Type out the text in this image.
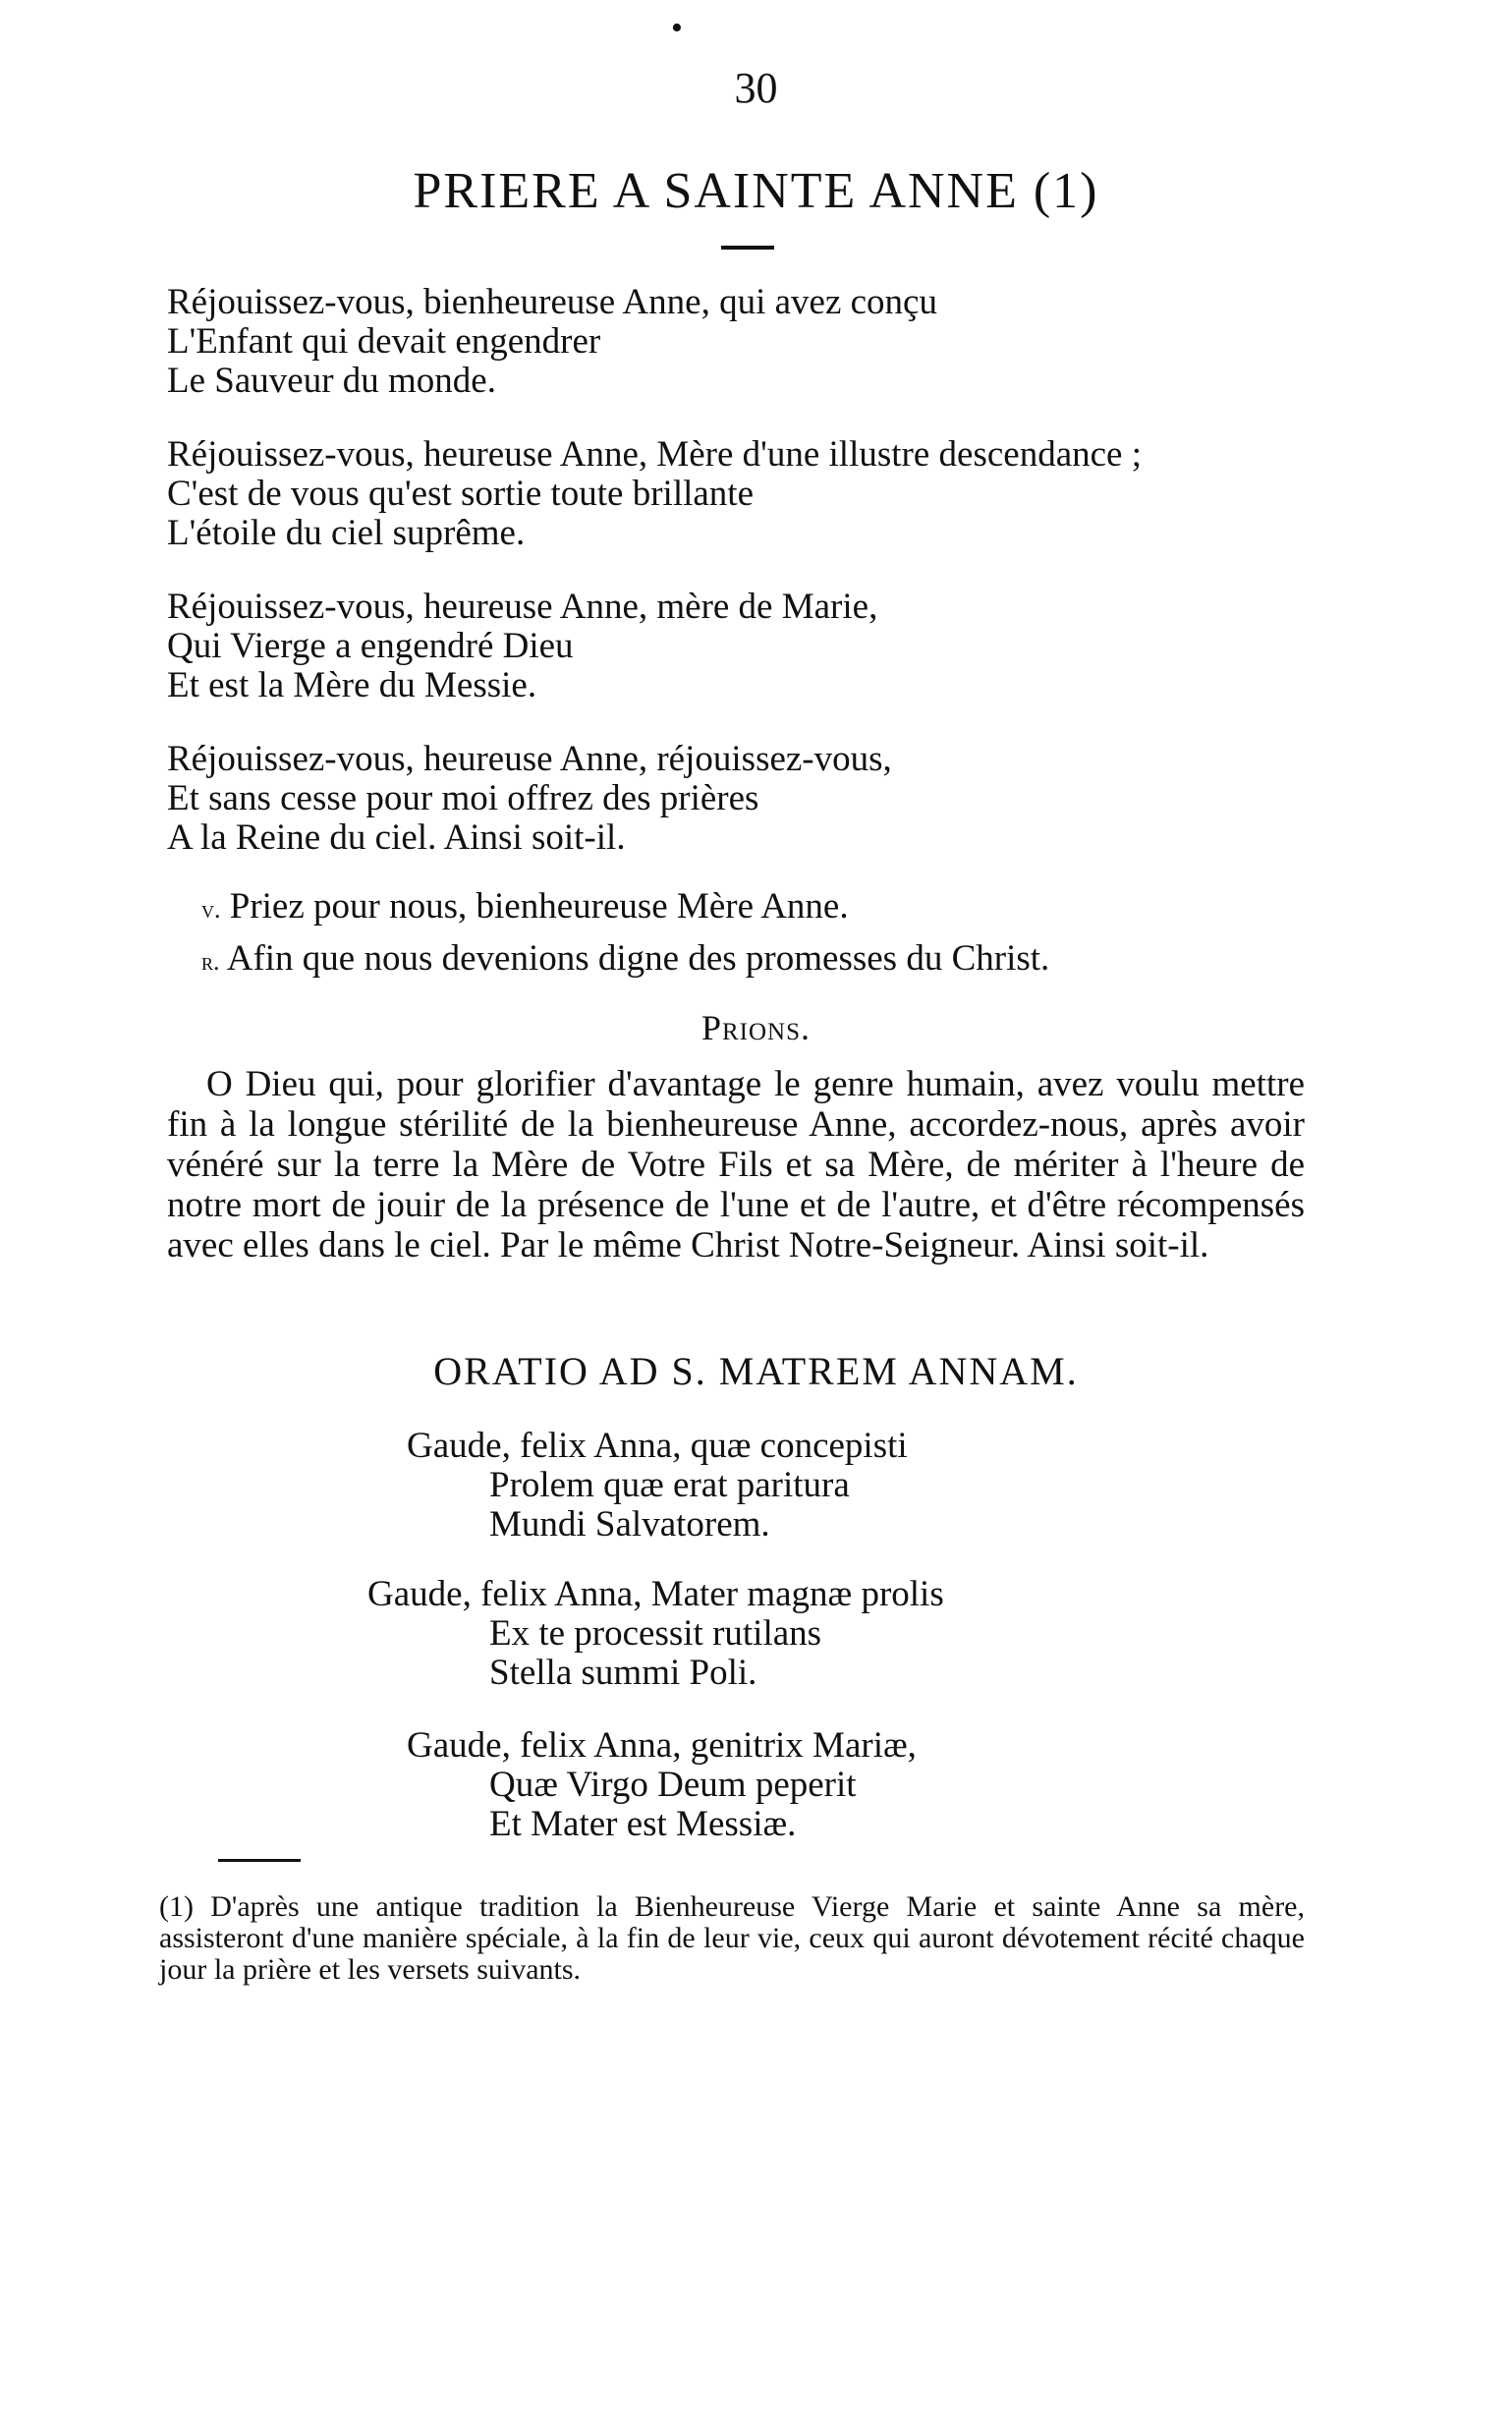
•
30
PRIERE A SAINTE ANNE (1)
Réjouissez-vous, bienheureuse Anne, qui avez conçu
L'Enfant qui devait engendrer
Le Sauveur du monde.
Réjouissez-vous, heureuse Anne, Mère d'une illustre descendance ;
C'est de vous qu'est sortie toute brillante
L'étoile du ciel suprême.
Réjouissez-vous, heureuse Anne, mère de Marie,
Qui Vierge a engendré Dieu
Et est la Mère du Messie.
Réjouissez-vous, heureuse Anne, réjouissez-vous,
Et sans cesse pour moi offrez des prières
A la Reine du ciel. Ainsi soit-il.
v. Priez pour nous, bienheureuse Mère Anne.
r. Afin que nous devenions digne des promesses du Christ.
Prions.
O Dieu qui, pour glorifier d'avantage le genre humain, avez voulu mettre fin à la longue stérilité de la bienheureuse Anne, accordez-nous, après avoir vénéré sur la terre la Mère de Votre Fils et sa Mère, de mériter à l'heure de notre mort de jouir de la présence de l'une et de l'autre, et d'être récompensés avec elles dans le ciel. Par le même Christ Notre-Seigneur. Ainsi soit-il.
ORATIO AD S. MATREM ANNAM.
Gaude, felix Anna, quæ concepisti
Prolem quæ erat paritura
Mundi Salvatorem.
Gaude, felix Anna, Mater magnæ prolis
Ex te processit rutilans
Stella summi Poli.
Gaude, felix Anna, genitrix Mariæ,
Quæ Virgo Deum peperit
Et Mater est Messiæ.
(1) D'après une antique tradition la Bienheureuse Vierge Marie et sainte Anne sa mère, assisteront d'une manière spéciale, à la fin de leur vie, ceux qui auront dévotement récité chaque jour la prière et les versets suivants.
